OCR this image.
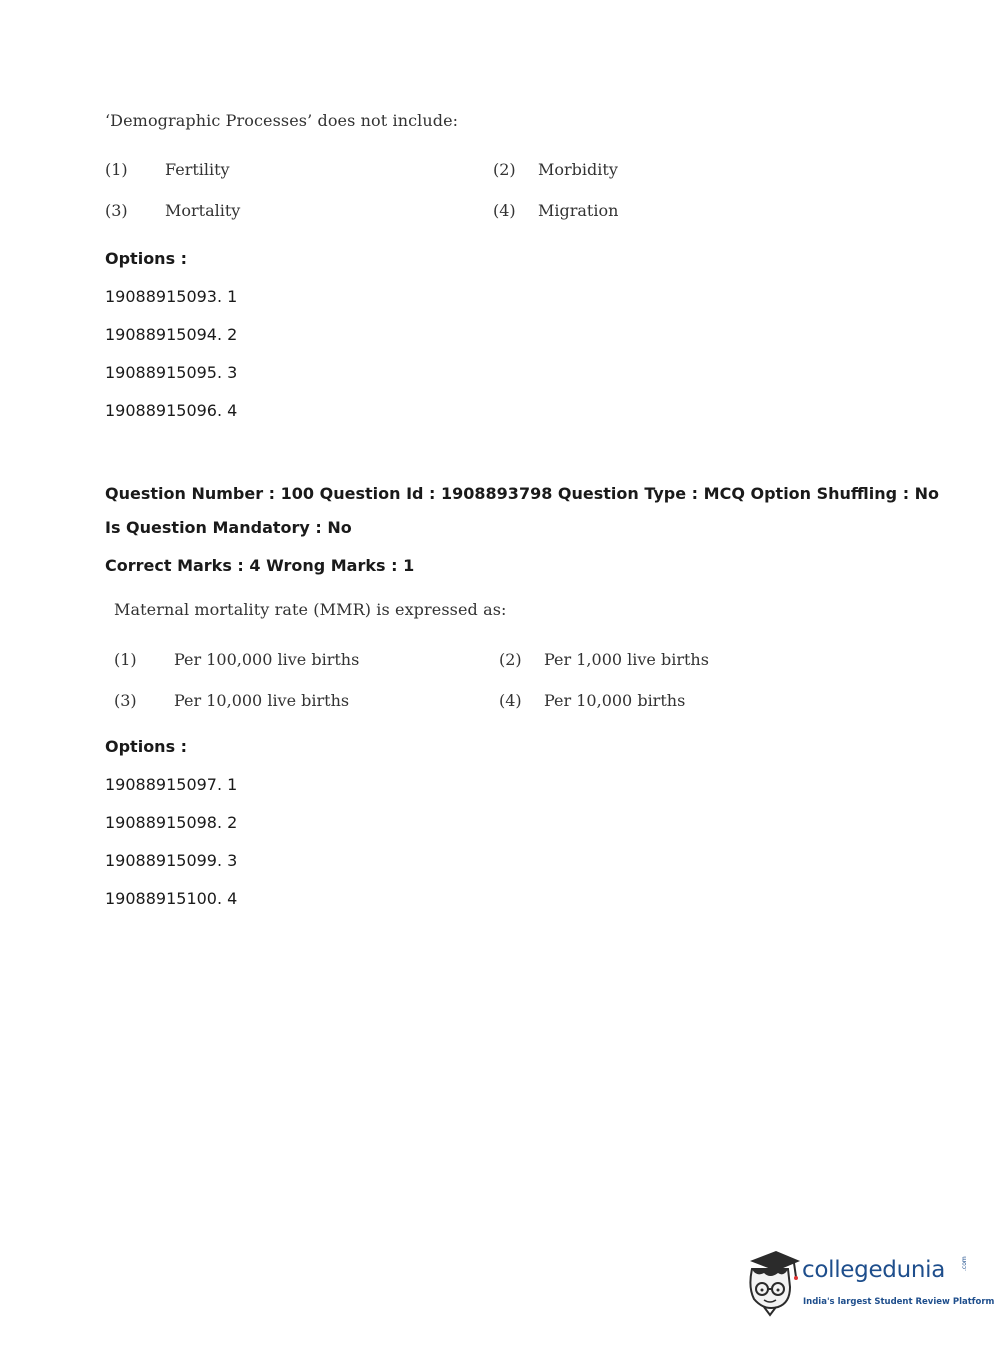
‘Demographic Processes’ does not include:
(1) Fertility	(2) Morbidity
(3) Mortality	(4) Migration
Options :
19088915093. 1
19088915094. 2
19088915095. 3
19088915096. 4
Question Number : 100 Question Id : 1908893798 Question Type : MCQ Option Shuffling : No
Is Question Mandatory : No
Correct Marks : 4 Wrong Marks : 1
Maternal mortality rate (MMR) is expressed as:
(1) Per 100,000 live births	(2) Per 1,000 live births
(3) Per 10,000 live births	(4) Per 10,000 births
Options :
19088915097. 1
19088915098. 2
19088915099. 3
19088915100. 4
collegedunia	.com
India's largest Student Review Platform
